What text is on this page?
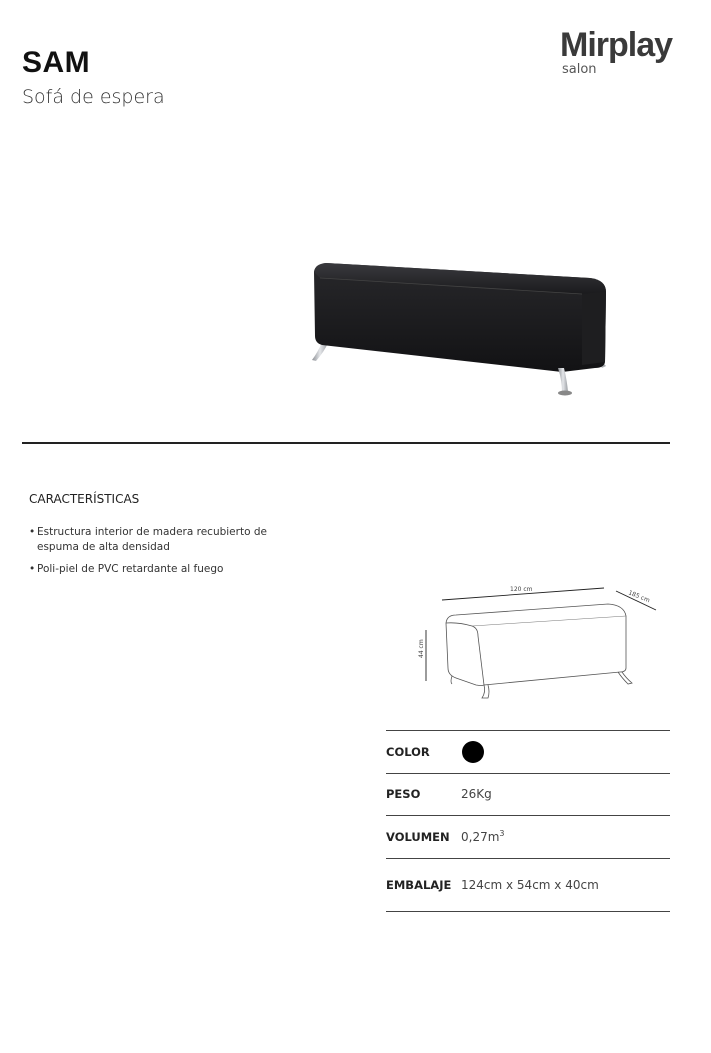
SAM
Sofá de espera
Mirplay
salon
CARACTERÍSTICAS
• Estructura interior de madera recubierto de espuma de alta densidad
• Poli-piel de PVC retardante al fuego
120 cm	185 cm
44 cm
COLOR
PESO	26Kg
VOLUMEN $0,27m^3$
EMBALAJE 124cm x 54cm x 40cm
